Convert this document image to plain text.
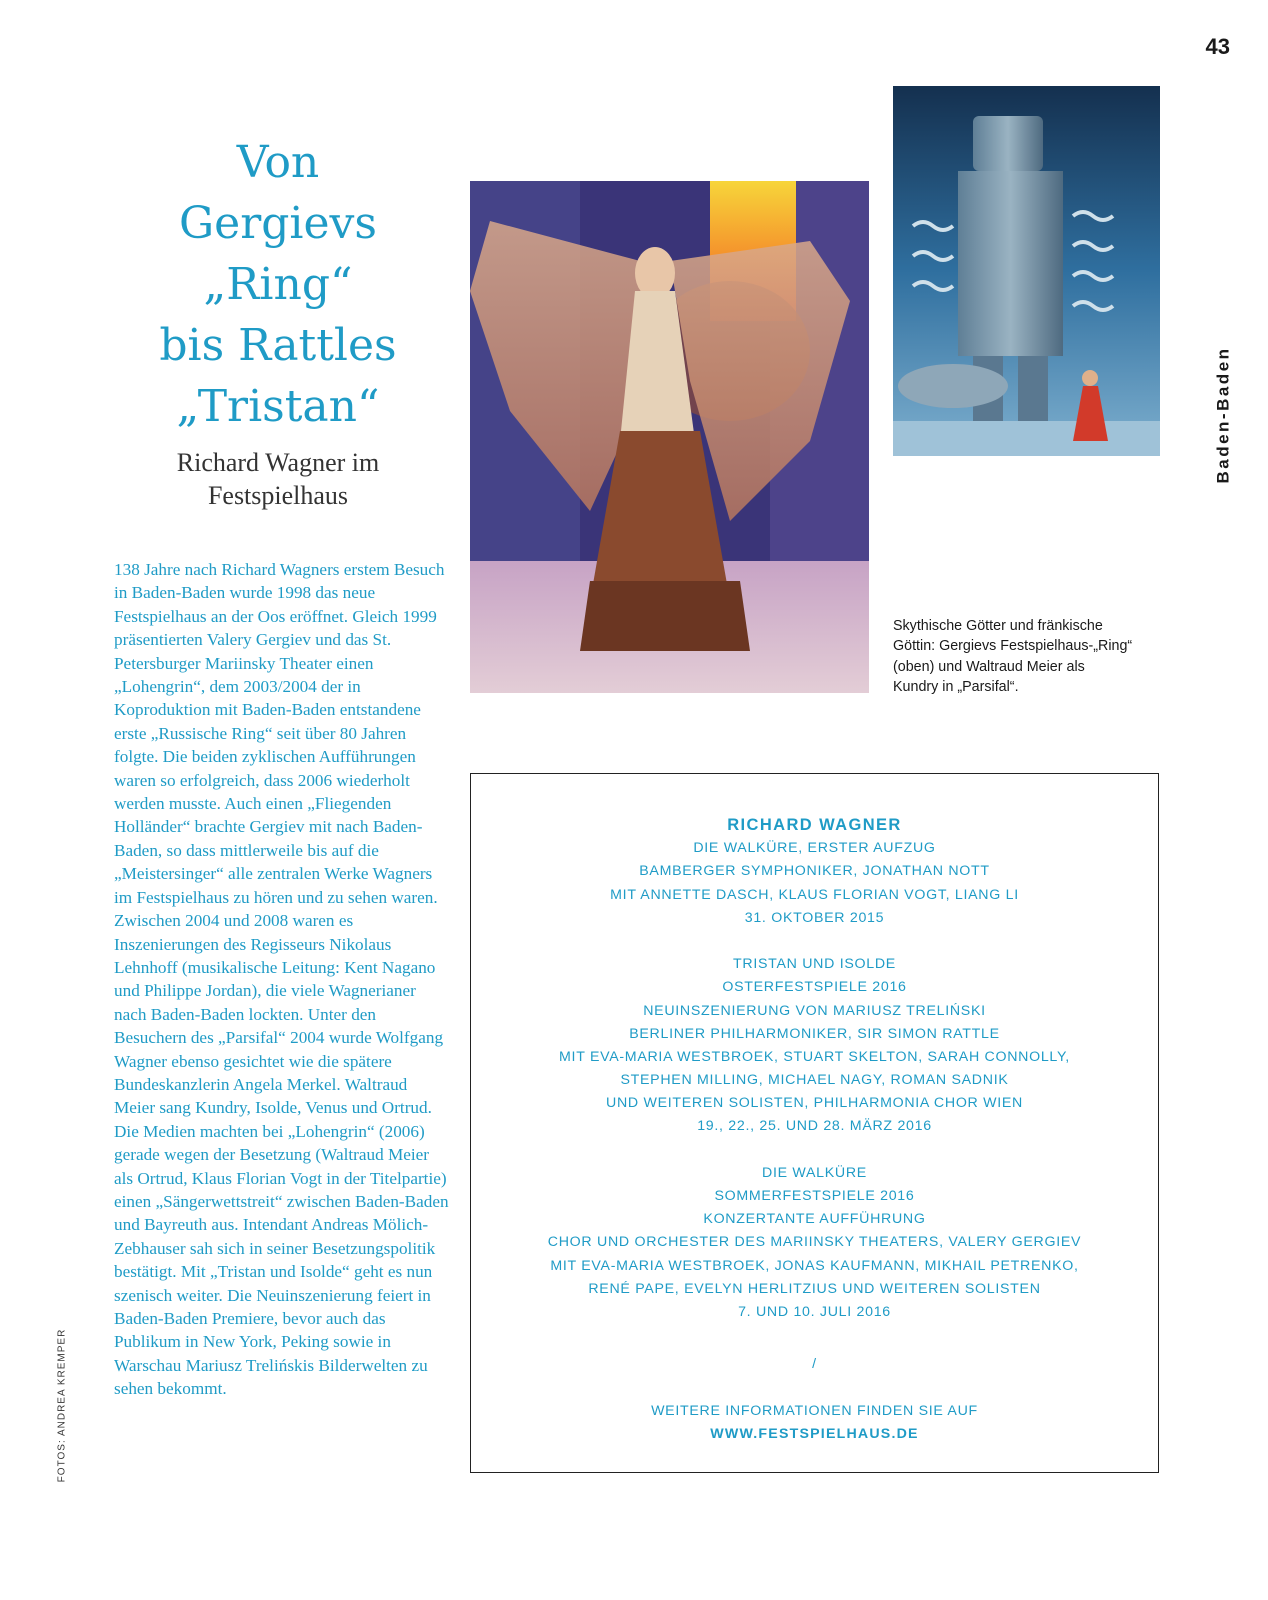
43
Baden-Baden
FOTOS: ANDREA KREMPER
Von
Gergievs
„Ring“
bis Rattles
„Tristan“
Richard Wagner im
Festspielhaus

138 Jahre nach Richard Wagners erstem Besuch in Baden-Baden wurde 1998 das neue Festspielhaus an der Oos eröffnet. Gleich 1999 präsentierten Valery Gergiev und das St. Petersburger Mariinsky Theater einen „Lohengrin“, dem 2003/2004 der in Koproduktion mit Baden-Baden entstandene erste „Russische Ring“ seit über 80 Jahren folgte. Die beiden zyklischen Aufführungen waren so erfolgreich, dass 2006 wiederholt werden musste. Auch einen „Fliegenden Holländer“ brachte Gergiev mit nach Baden-Baden, so dass mittlerweile bis auf die „Meistersinger“ alle zentralen Werke Wagners im Festspielhaus zu hören und zu sehen waren. Zwischen 2004 und 2008 waren es Inszenierungen des Regisseurs Nikolaus Lehnhoff (musikalische Leitung: Kent Nagano und Philippe Jordan), die viele Wagnerianer nach Baden-Baden lockten. Unter den Besuchern des „Parsifal“ 2004 wurde Wolfgang Wagner ebenso gesichtet wie die spätere Bundeskanzlerin Angela Merkel. Waltraud Meier sang Kundry, Isolde, Venus und Ortrud. Die Medien machten bei „Lohengrin“ (2006) gerade wegen der Besetzung (Waltraud Meier als Ortrud, Klaus Florian Vogt in der Titelpartie) einen „Sängerwettstreit“ zwischen Baden-Baden und Bayreuth aus. Intendant Andreas Mölich-Zebhauser sah sich in seiner Besetzungspolitik bestätigt. Mit „Tristan und Isolde“ geht es nun szenisch weiter. Die Neuinszenierung feiert in Baden-Baden Premiere, bevor auch das Publikum in New York, Peking sowie in Warschau Mariusz Trelińskis Bilderwelten zu sehen bekommt.

Skythische Götter und fränkische Göttin: Gergievs Festspielhaus-„Ring“ (oben) und Waltraud Meier als Kundry in „Parsifal“.

RICHARD WAGNER
DIE WALKÜRE, ERSTER AUFZUG
BAMBERGER SYMPHONIKER, JONATHAN NOTT
MIT ANNETTE DASCH, KLAUS FLORIAN VOGT, LIANG LI
31. OKTOBER 2015
TRISTAN UND ISOLDE
OSTERFESTSPIELE 2016
NEUINSZENIERUNG VON MARIUSZ TRELIŃSKI
BERLINER PHILHARMONIKER, SIR SIMON RATTLE
MIT EVA-MARIA WESTBROEK, STUART SKELTON, SARAH CONNOLLY,
STEPHEN MILLING, MICHAEL NAGY, ROMAN SADNIK
UND WEITEREN SOLISTEN, PHILHARMONIA CHOR WIEN
19., 22., 25. UND 28. MÄRZ 2016
DIE WALKÜRE
SOMMERFESTSPIELE 2016
KONZERTANTE AUFFÜHRUNG
CHOR UND ORCHESTER DES MARIINSKY THEATERS, VALERY GERGIEV
MIT EVA-MARIA WESTBROEK, JONAS KAUFMANN, MIKHAIL PETRENKO,
RENÉ PAPE, EVELYN HERLITZIUS UND WEITEREN SOLISTEN
7. UND 10. JULI 2016
/
WEITERE INFORMATIONEN FINDEN SIE AUF
WWW.FESTSPIELHAUS.DE
